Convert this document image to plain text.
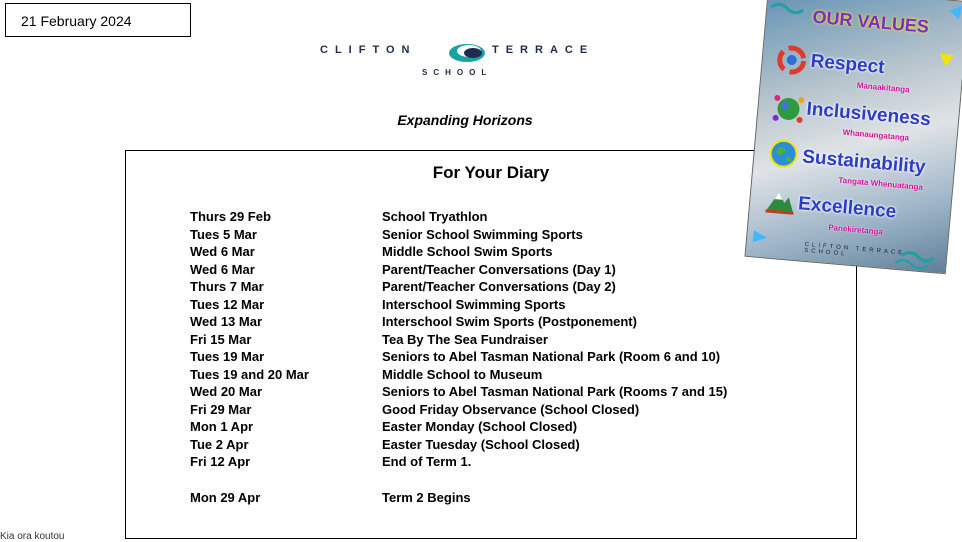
21 February 2024
CLIFTON	TERRACE
SCHOOL
Expanding Horizons
For Your Diary
Thurs 29 Feb	School Tryathlon
Tues 5 Mar	Senior School Swimming Sports
Wed 6 Mar	Middle School Swim Sports
Wed 6 Mar	Parent/Teacher Conversations (Day 1)
Thurs 7 Mar	Parent/Teacher Conversations (Day 2)
Tues 12 Mar	Interschool Swimming Sports
Wed 13 Mar	Interschool Swim Sports (Postponement)
Fri 15 Mar	Tea By The Sea Fundraiser
Tues 19 Mar	Seniors to Abel Tasman National Park (Room 6 and 10)
Tues 19 and 20 Mar	Middle School to Museum
Wed 20 Mar	Seniors to Abel Tasman National Park (Rooms 7 and 15)
Fri 29 Mar	Good Friday Observance (School Closed)
Mon 1 Apr	Easter Monday (School Closed)
Tue 2 Apr	Easter Tuesday (School Closed)
Fri 12 Apr	End of Term 1.
Mon 29 Apr	Term 2 Begins
OUR VALUES
Respect
Manaakitanga
Inclusiveness
Whanaungatanga
Sustainability
Tangata Whenuatanga
Excellence
Panekiretanga
CLIFTON TERRACE SCHOOL
Kia ora koutou
